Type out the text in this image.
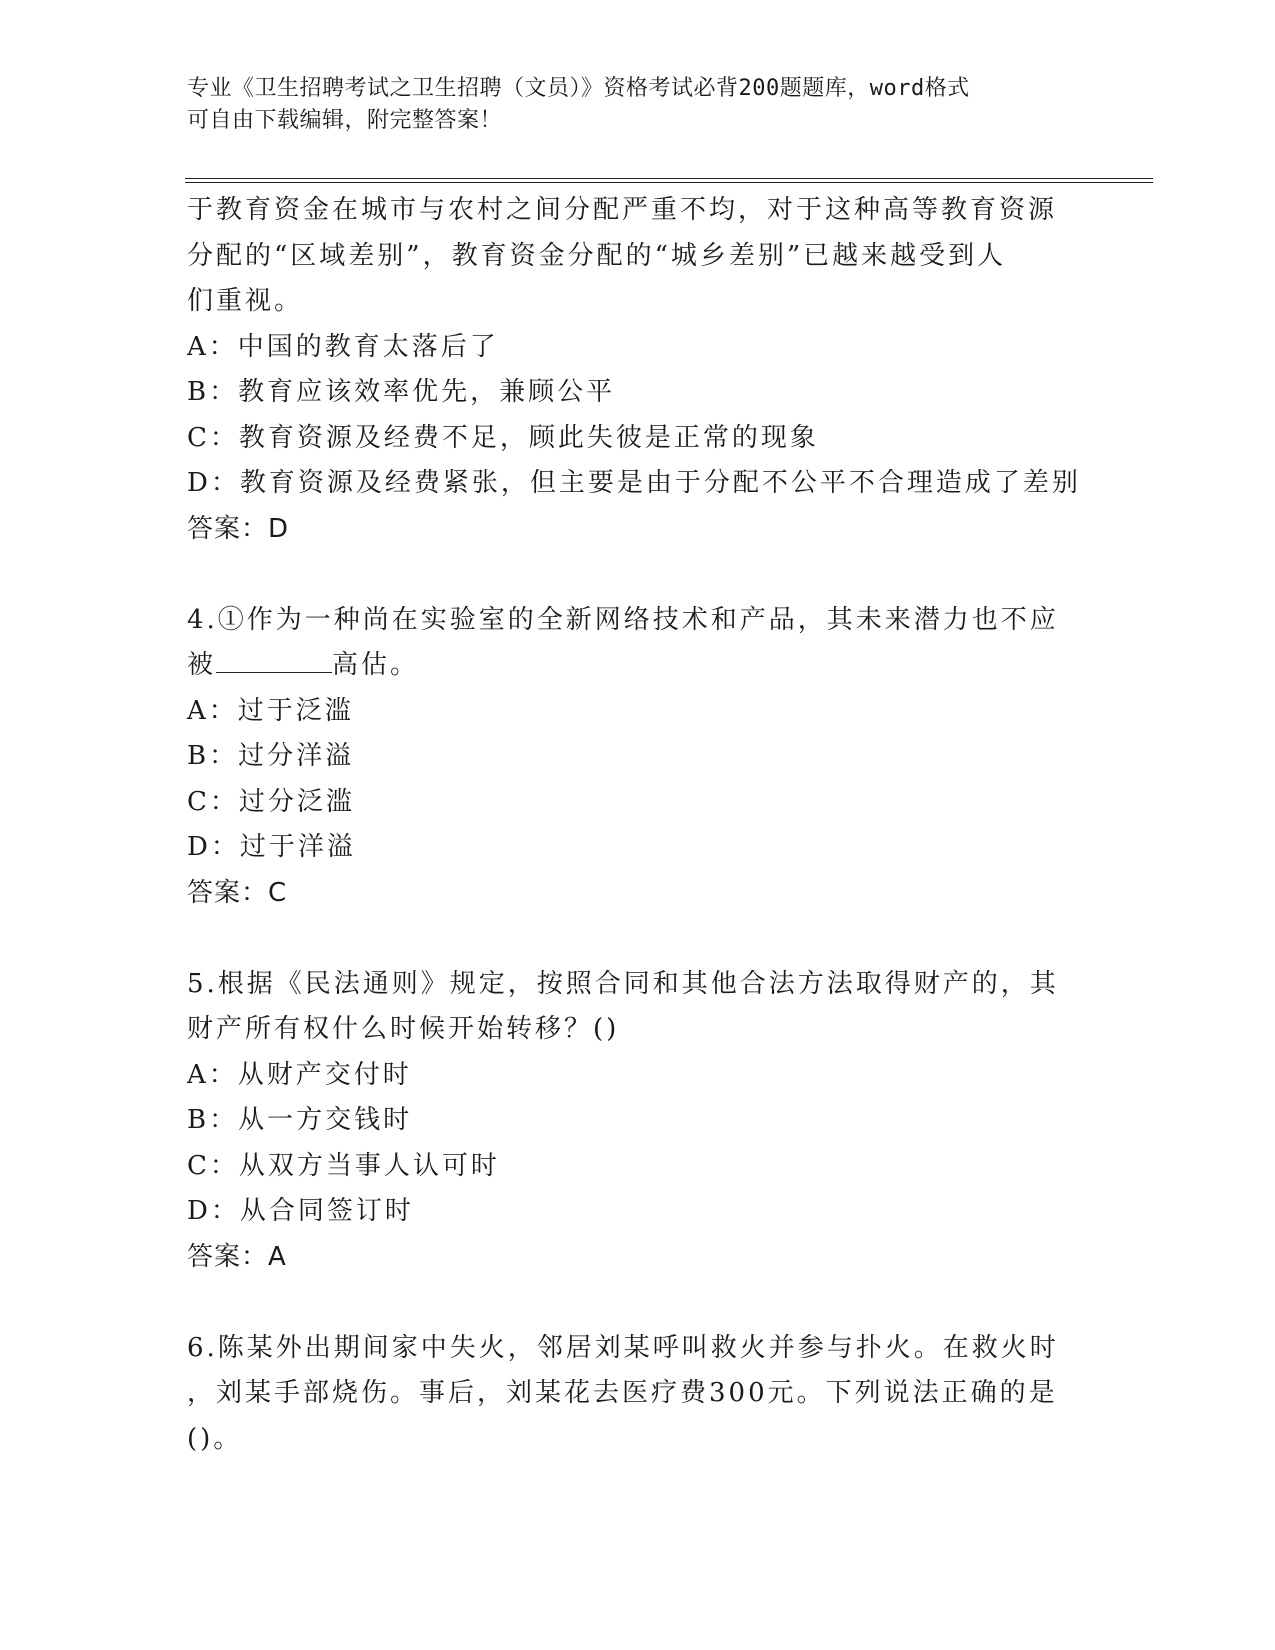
专业《卫生招聘考试之卫生招聘（文员）》资格考试必背200题题库，word格式
可自由下载编辑，附完整答案！
于教育资金在城市与农村之间分配严重不均，对于这种高等教育资源
分配的“区域差别”，教育资金分配的“城乡差别”已越来越受到人
们重视。
A：中国的教育太落后了
B：教育应该效率优先，兼顾公平
C：教育资源及经费不足，顾此失彼是正常的现象
D：教育资源及经费紧张，但主要是由于分配不公平不合理造成了差别
答案：D
4.①作为一种尚在实验室的全新网络技术和产品，其未来潜力也不应
被	高估。
A：过于泛滥
B：过分洋溢
C：过分泛滥
D：过于洋溢
答案：C
5.根据《民法通则》规定，按照合同和其他合法方法取得财产的，其
财产所有权什么时候开始转移？()
A：从财产交付时
B：从一方交钱时
C：从双方当事人认可时
D：从合同签订时
答案：A
6.陈某外出期间家中失火，邻居刘某呼叫救火并参与扑火。在救火时
，刘某手部烧伤。事后，刘某花去医疗费300元。下列说法正确的是
()。
